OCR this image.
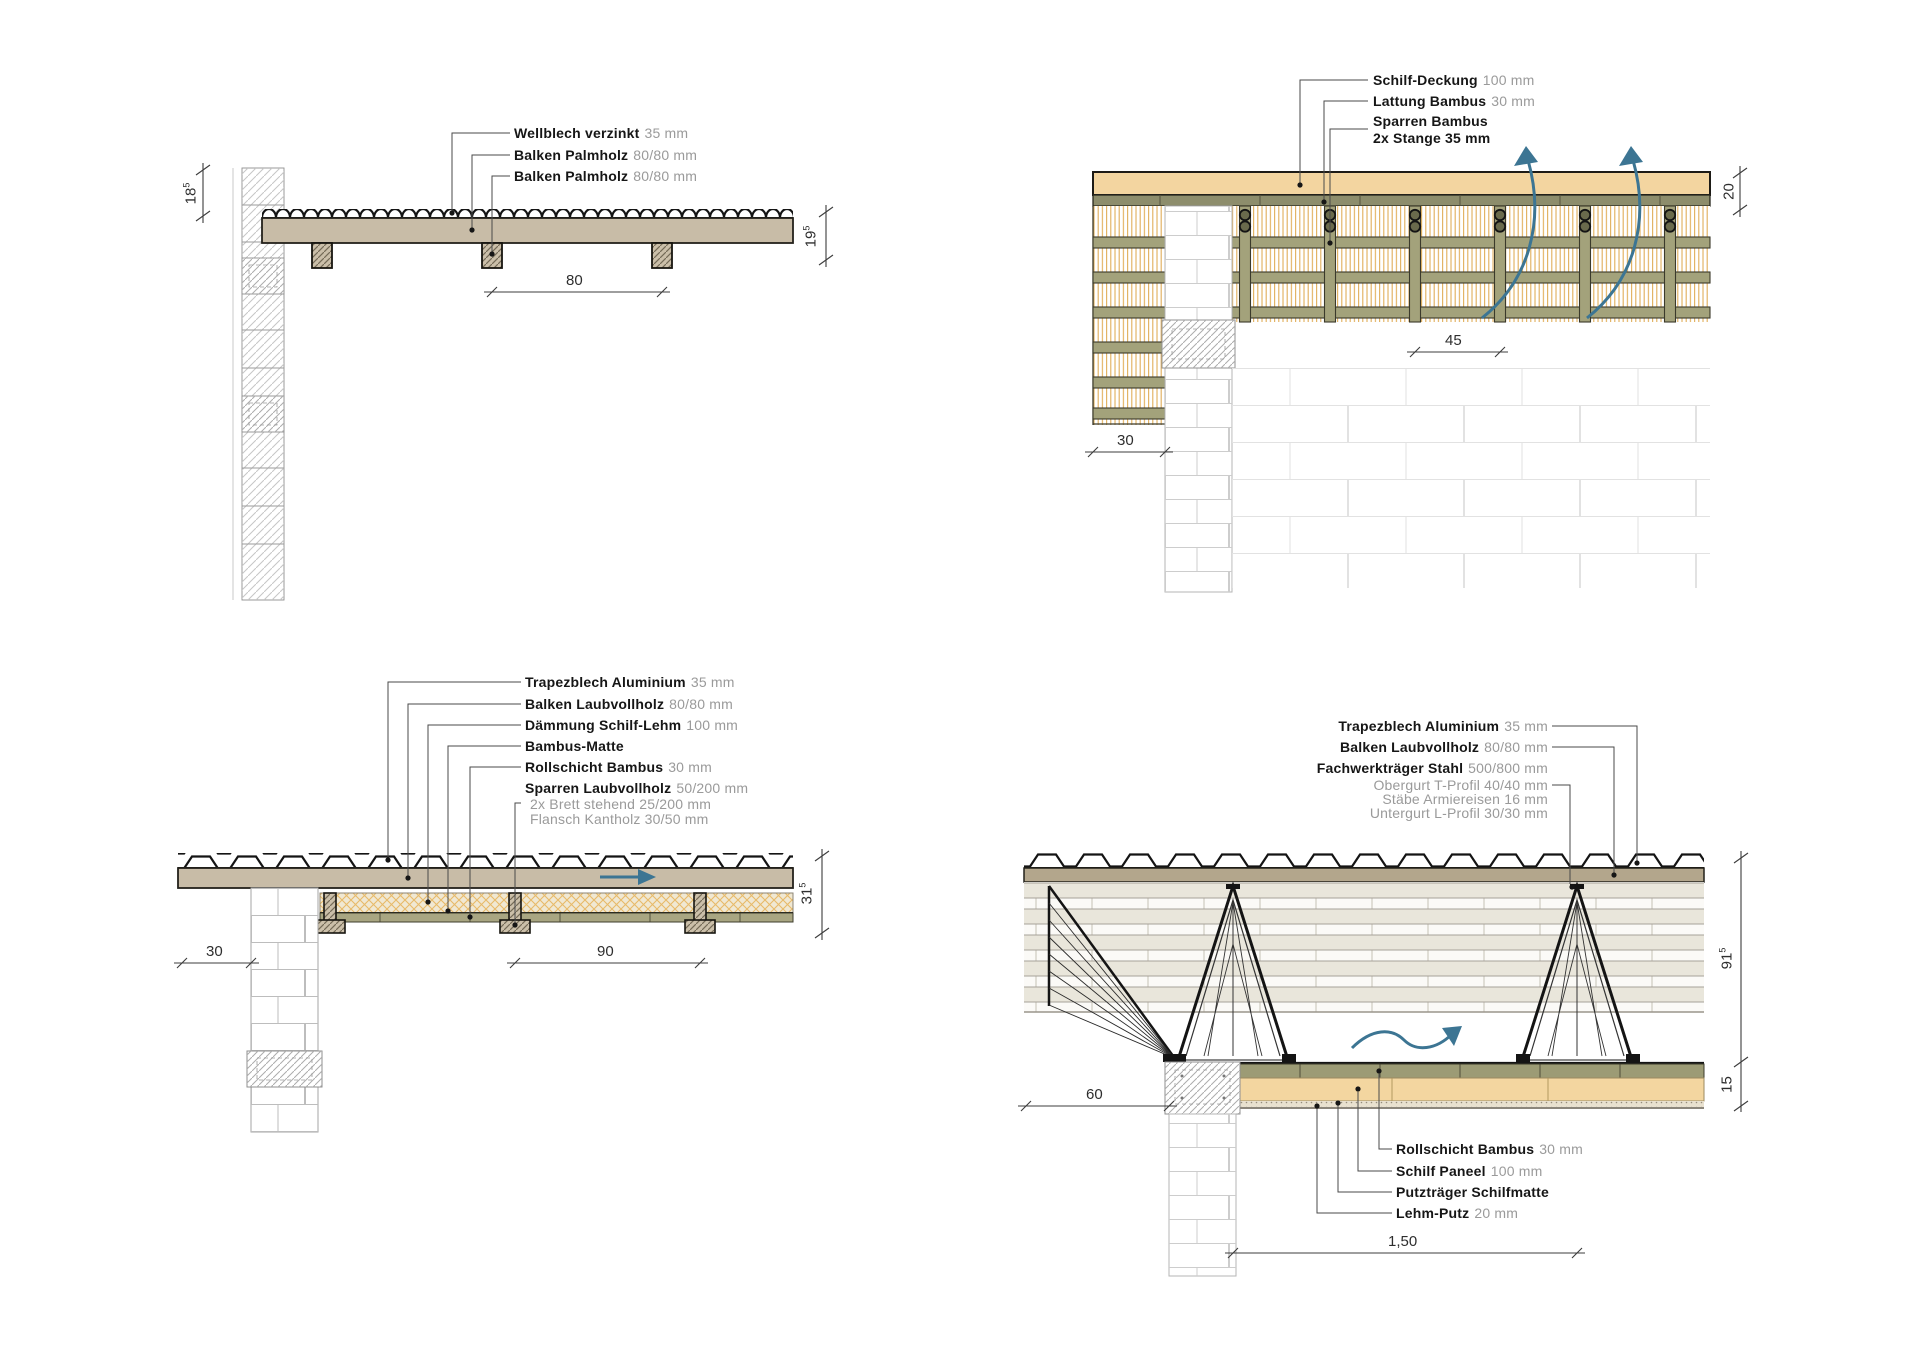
Wellblech verzinkt 35 mm
Balken Palmholz 80/80 mm
Balken Palmholz 80/80 mm
$18^5$
$19^5$
80
Schilf-Deckung 100 mm
Lattung Bambus 30 mm
Sparren Bambus
2x Stange 35 mm
20
45
30
Trapezblech Aluminium 35 mm
Balken Laubvollholz 80/80 mm
Dämmung Schilf-Lehm 100 mm
Bambus-Matte
Rollschicht Bambus 30 mm
Sparren Laubvollholz 50/200 mm
2x Brett stehend 25/200 mm
Flansch Kantholz 30/50 mm
30	90
$31^5$
Trapezblech Aluminium 35 mm
Balken Laubvollholz 80/80 mm
Fachwerkträger Stahl 500/800 mm
Obergurt T-Profil 40/40 mm
Stäbe Armiereisen 16 mm
Untergurt L-Profil 30/30 mm
Rollschicht Bambus 30 mm
Schilf Paneel 100 mm
Putzträger Schilfmatte
Lehm-Putz 20 mm
60
1,50
$91^5$
15
